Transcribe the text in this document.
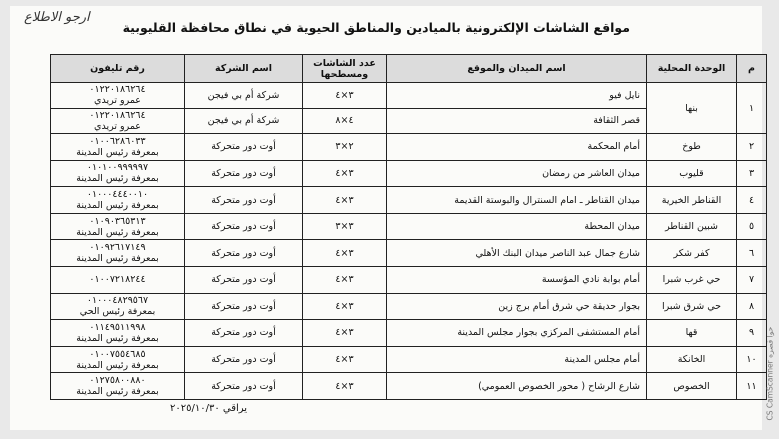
ارجو الاطلاع
مواقع الشاشات الإلكترونية بالميادين والمناطق الحيوية في نطاق محافظة القليوبية
م	الوحدة المحلية	اسم الميدان والموقع	عدد الشاشات ومسطحها	اسم الشركة	رقم تليفون
١	بنها	نايل فيو	٣×٤	شركة أم بي فيجن	٠١٢٢٠١٨٦٢٦٤
عمرو تريدي

		قصر الثقافة	٤×٨	شركة أم بي فيجن	٠١٢٢٠١٨٦٢٦٤
عمرو تريدي

٢	طوخ	أمام المحكمة	٢×٣	أوت دور متحركة	٠١٠٠٦٢٨٦٠٣٣
بمعرفة رئيس المدينة

٣	قليوب	ميدان العاشر من رمضان	٣×٤	أوت دور متحركة	٠١٠١٠٠٩٩٩٩٩٧
بمعرفة رئيس المدينة

٤	القناطر الخيرية	ميدان القناطر ـ امام السنترال والبوستة القديمة	٣×٤	أوت دور متحركة	٠١٠٠٠٤٤٤٠٠١٠
بمعرفة رئيس المدينة

٥	شبين القناطر	ميدان المحطة	٣×٣	أوت دور متحركة	٠١٠٩٠٣٦٥٣١٣
بمعرفة رئيس المدينة

٦	كفر شكر	شارع جمال عبد الناصر ميدان البنك الأهلي	٣×٤	أوت دور متحركة	٠١٠٩٢٦١٧١٤٩
بمعرفة رئيس المدينة

٧	حي غرب شبرا	أمام بوابة نادي المؤسسة	٣×٤	أوت دور متحركة	٠١٠٠٧٢١٨٢٤٤

٨	حي شرق شبرا	بجوار حديقة حي شرق أمام برج زين	٣×٤	أوت دور متحركة	٠١٠٠٠٤٨٢٩٥٦٧
بمعرفة رئيس الحي

٩	قها	أمام المستشفى المركزي بجوار مجلس المدينة	٣×٤	أوت دور متحركة	٠١١٤٩٥١١٩٩٨
بمعرفة رئيس المدينة

١٠	الخانكة	أمام مجلس المدينة	٣×٤	أوت دور متحركة	٠١٠٠٧٥٥٤٦٨٥
بمعرفة رئيس المدينة

١١	الخصوص	شارع الرشاح ( محور الخصوص العمومي)	٣×٤	أوت دور متحركة	٠١٢٧٥٨٠٠٨٨٠
بمعرفة رئيس المدينة
يراقي ٢٠٢٥/١٠/٣٠	CS CamScanner حوا قصره
